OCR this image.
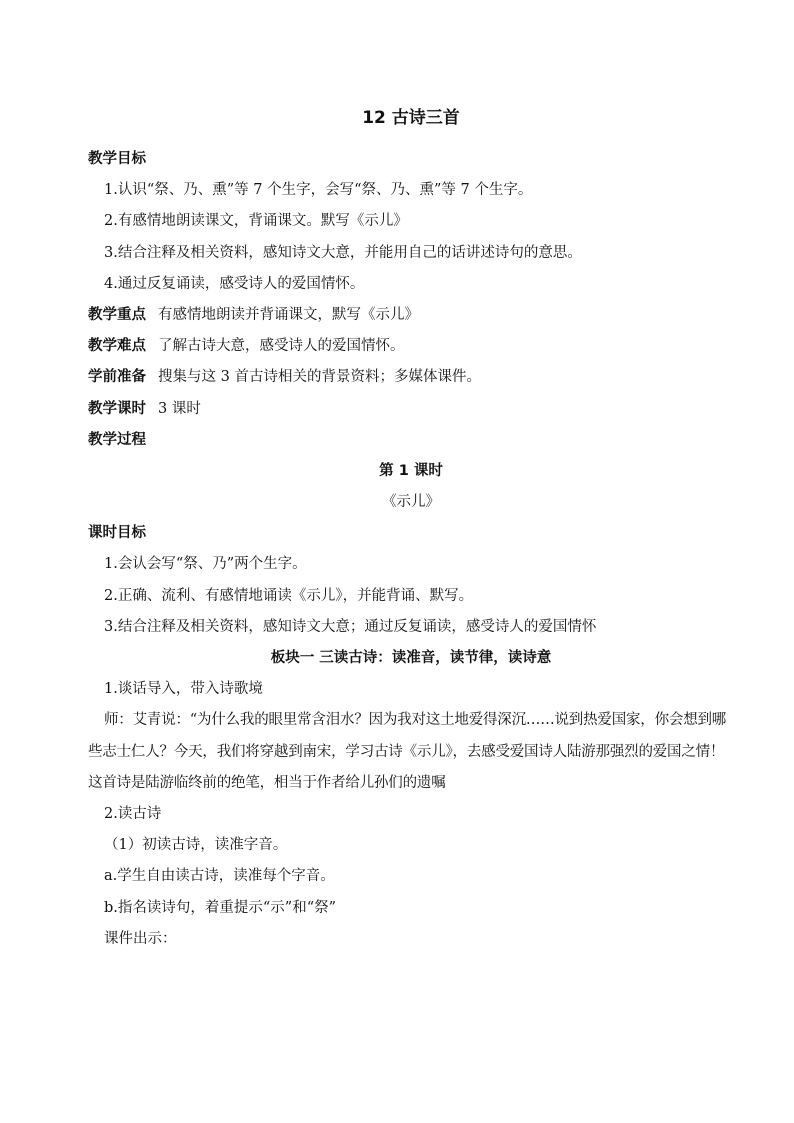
12 古诗三首
教学目标
1.认识“祭、乃、熏”等 7 个生字，会写“祭、乃、熏”等 7 个生字。
2.有感情地朗读课文，背诵课文。默写《示儿》
3.结合注释及相关资料，感知诗文大意，并能用自己的话讲述诗句的意思。
4.通过反复诵读，感受诗人的爱国情怀。
教学重点 有感情地朗读并背诵课文，默写《示儿》
教学难点 了解古诗大意，感受诗人的爱国情怀。
学前准备 搜集与这 3 首古诗相关的背景资料；多媒体课件。
教学课时 3 课时
教学过程
第 1 课时
《示儿》
课时目标
1.会认会写“祭、乃”两个生字。
2.正确、流利、有感情地诵读《示儿》，并能背诵、默写。
3.结合注释及相关资料，感知诗文大意；通过反复诵读，感受诗人的爱国情怀
板块一 三读古诗：读准音，读节律，读诗意
1.谈话导入，带入诗歌境
师：艾青说：“为什么我的眼里常含泪水？因为我对这土地爱得深沉……说到热爱国家，你会想到哪些志士仁人？今天，我们将穿越到南宋，学习古诗《示儿》，去感受爱国诗人陆游那强烈的爱国之情！这首诗是陆游临终前的绝笔，相当于作者给儿孙们的遗嘱
2.读古诗
（1）初读古诗，读准字音。
a.学生自由读古诗，读准每个字音。
b.指名读诗句，着重提示“示”和“祭”
课件出示：
